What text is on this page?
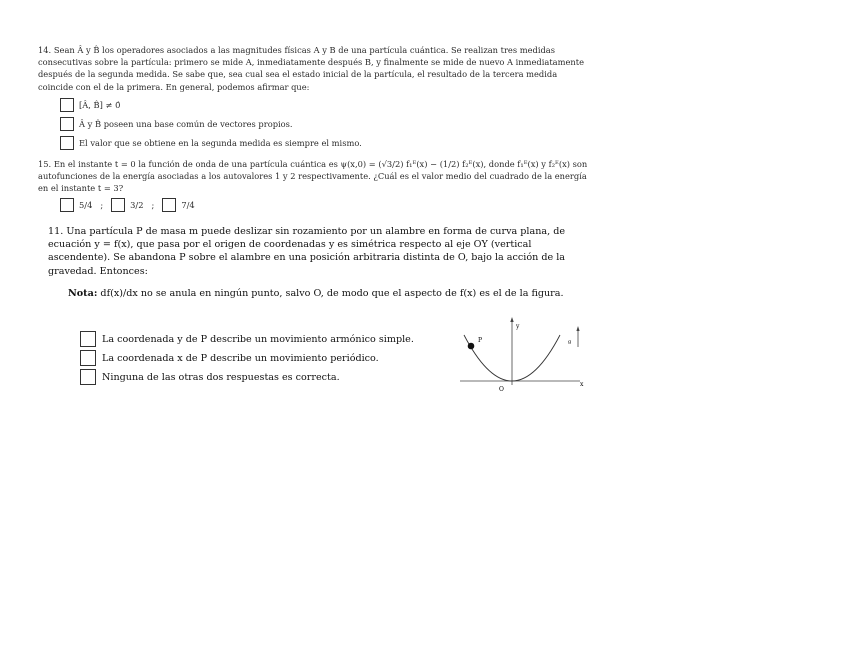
14. Sean Â y B̂ los operadores asociados a las magnitudes físicas A y B de una partícula cuántica. Se realizan tres medidas consecutivas sobre la partícula: primero se mide A, inmediatamente después B, y finalmente se mide de nuevo A inmediatamente después de la segunda medida. Se sabe que, sea cual sea el estado inicial de la partícula, el resultado de la tercera medida coincide con el de la primera. En general, podemos afirmar que:
[Â, B̂] ≠ 0̂
Â y B̂ poseen una base común de vectores propios.
El valor que se obtiene en la segunda medida es siempre el mismo.
15. En el instante t = 0 la función de onda de una partícula cuántica es ψ(x,0) = (√3/2) f₁ᴱ(x) − (1/2) f₂ᴱ(x), donde f₁ᴱ(x) y f₂ᴱ(x) son autofunciones de la energía asociadas a los autovalores 1 y 2 respectivamente. ¿Cuál es el valor medio del cuadrado de la energía en el instante t = 3?
5/4 ;	3/2 ;	7/4
11. Una partícula P de masa m puede deslizar sin rozamiento por un alambre en forma de curva plana, de ecuación y = f(x), que pasa por el origen de coordenadas y es simétrica respecto al eje OY (vertical ascendente). Se abandona P sobre el alambre en una posición arbitraria distinta de O, bajo la acción de la gravedad. Entonces:
Nota: df(x)/dx no se anula en ningún punto, salvo O, de modo que el aspecto de f(x) es el de la figura.
La coordenada y de P describe un movimiento armónico simple.
La coordenada x de P describe un movimiento periódico.
Ninguna de las otras dos respuestas es correcta.
P
y
x
O
g
